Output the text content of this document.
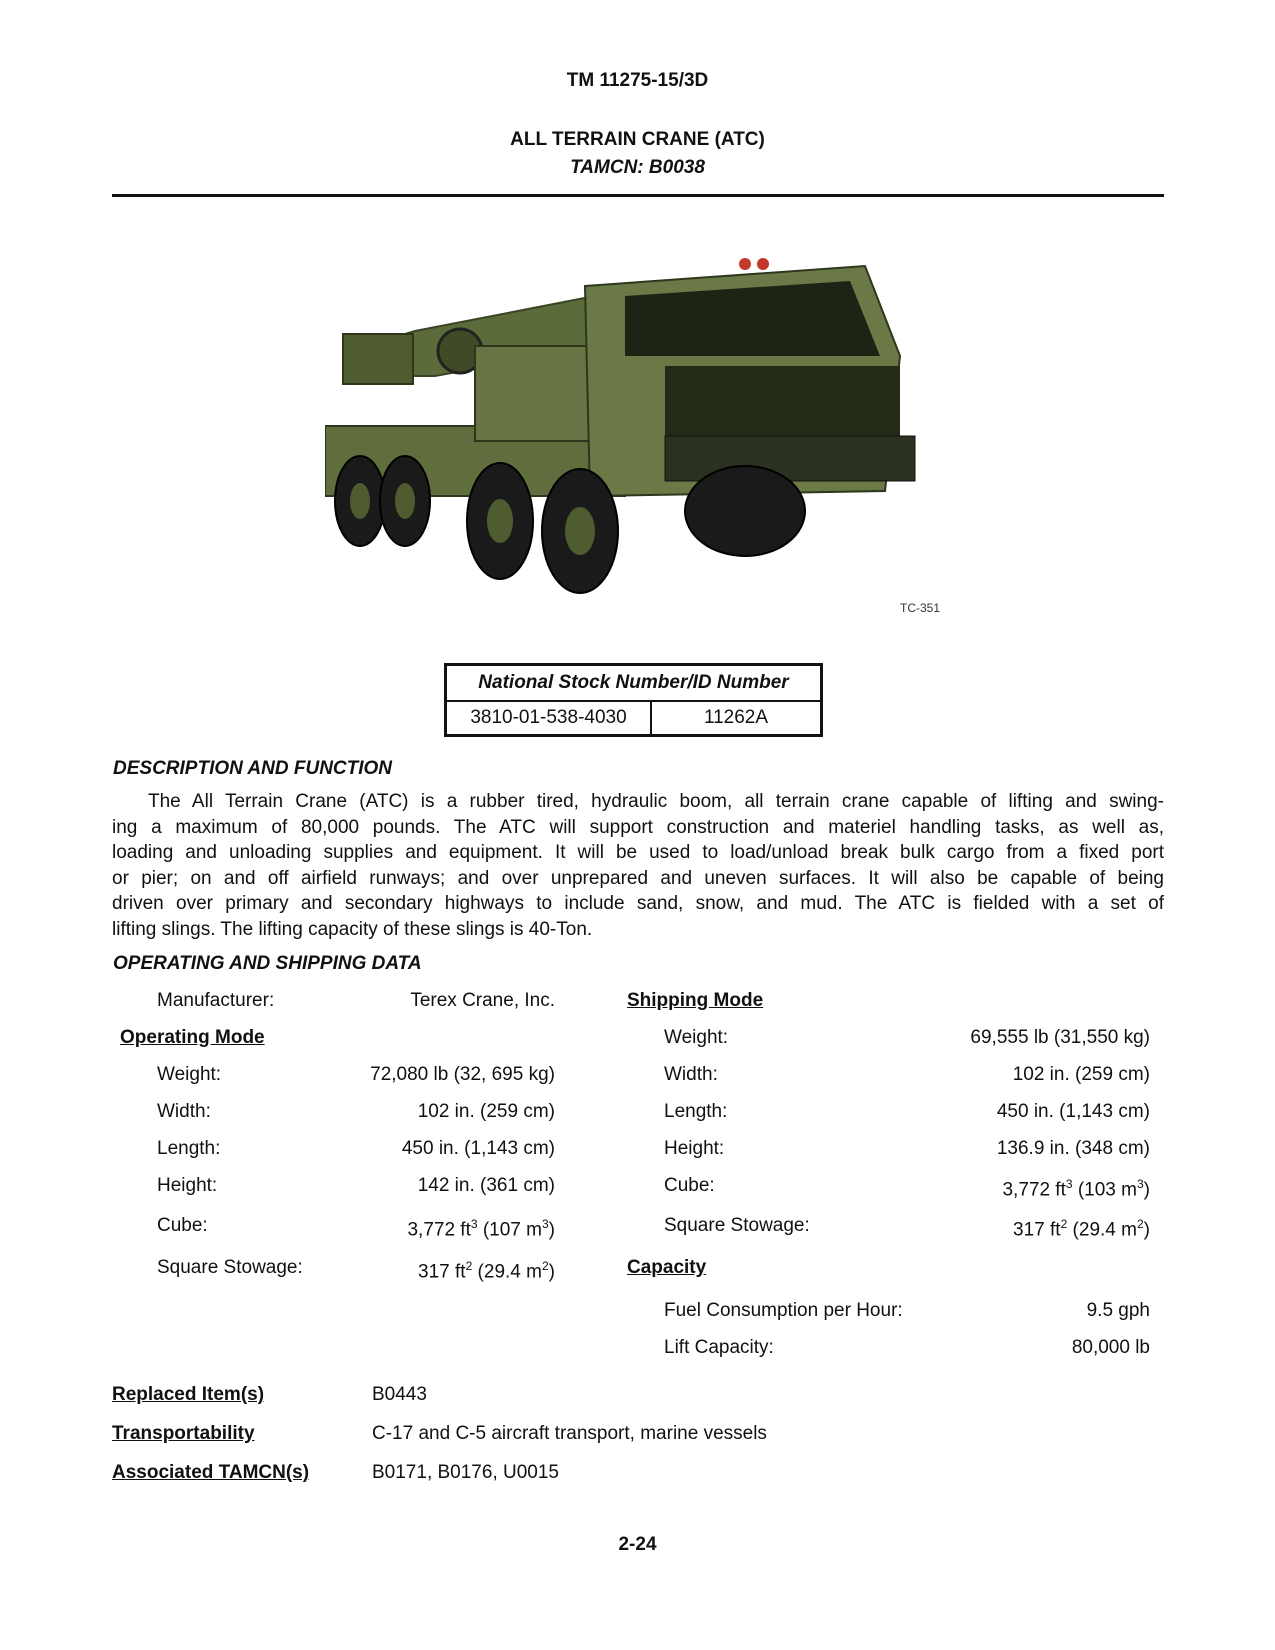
TM 11275-15/3D
ALL TERRAIN CRANE (ATC)
TAMCN: B0038
TC-351
National Stock Number/ID Number
3810-01-538-4030	11262A
DESCRIPTION AND FUNCTION
The All Terrain Crane (ATC) is a rubber tired, hydraulic boom, all terrain crane capable of lifting and swing-
ing a maximum of 80,000 pounds. The ATC will support construction and materiel handling tasks, as well as,
loading and unloading supplies and equipment. It will be used to load/unload break bulk cargo from a fixed port
or pier; on and off airfield runways; and over unprepared and uneven surfaces. It will also be capable of being
driven over primary and secondary highways to include sand, snow, and mud. The ATC is fielded with a set of
lifting slings. The lifting capacity of these slings is 40-Ton.
OPERATING AND SHIPPING DATA
Manufacturer:	Terex Crane, Inc.
Operating Mode
Weight:	72,080 lb (32, 695 kg)
Width:	102 in. (259 cm)
Length:	450 in. (1,143 cm)
Height:	142 in. (361 cm)
Cube:	3,772 $ft^3$ (107 $m^3$)
Square Stowage:	317 $ft^2$ (29.4 $m^2$)
Shipping Mode
Weight:	69,555 lb (31,550 kg)
Width:	102 in. (259 cm)
Length:	450 in. (1,143 cm)
Height:	136.9 in. (348 cm)
Cube:	3,772 $ft^3$ (103 $m^3$)
Square Stowage:	317 $ft^2$ (29.4 $m^2$)
Capacity
Fuel Consumption per Hour:	9.5 gph
Lift Capacity:	80,000 lb
Replaced Item(s)	B0443
Transportability	C-17 and C-5 aircraft transport, marine vessels
Associated TAMCN(s)	B0171, B0176, U0015
2-24
